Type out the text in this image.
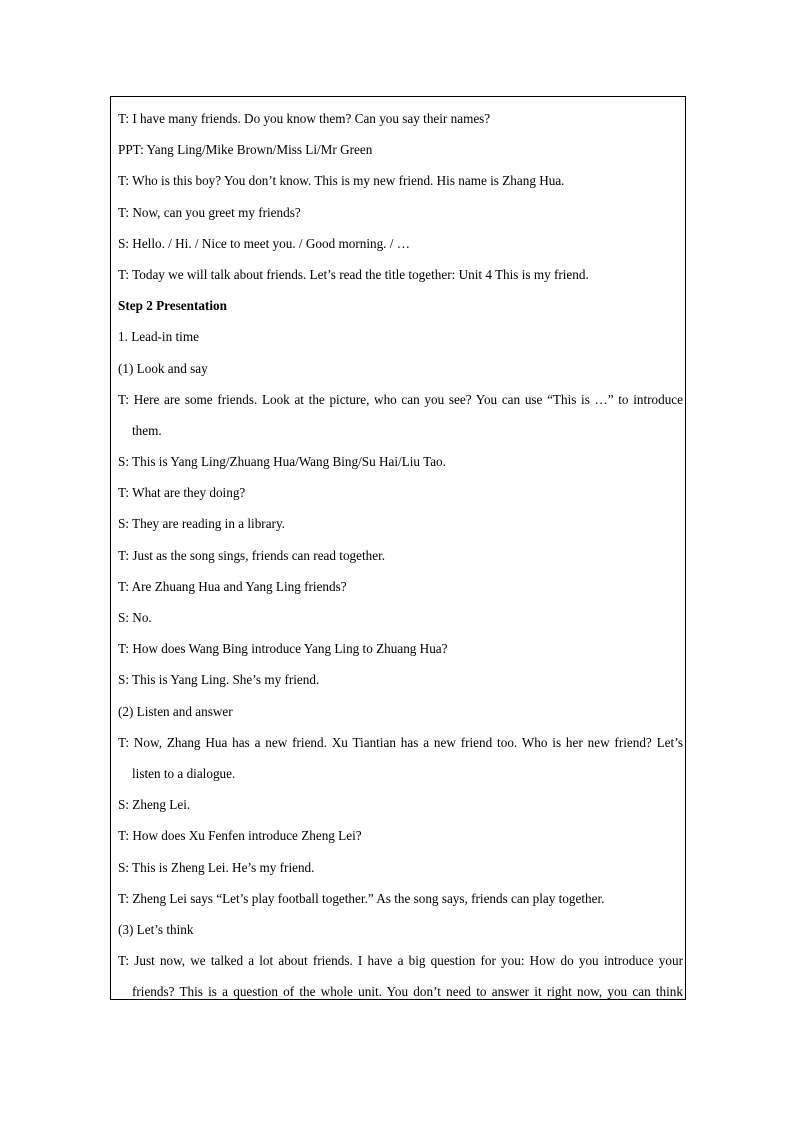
T: I have many friends. Do you know them? Can you say their names?
PPT: Yang Ling/Mike Brown/Miss Li/Mr Green
T: Who is this boy? You don’t know. This is my new friend. His name is Zhang Hua.
T: Now, can you greet my friends?
S: Hello. / Hi. / Nice to meet you. / Good morning. / …
T: Today we will talk about friends. Let’s read the title together: Unit 4 This is my friend.
Step 2 Presentation
1. Lead-in time
(1) Look and say
T: Here are some friends. Look at the picture, who can you see? You can use “This is …” to introduce
them.
S: This is Yang Ling/Zhuang Hua/Wang Bing/Su Hai/Liu Tao.
T: What are they doing?
S: They are reading in a library.
T: Just as the song sings, friends can read together.
T: Are Zhuang Hua and Yang Ling friends?
S: No.
T: How does Wang Bing introduce Yang Ling to Zhuang Hua?
S: This is Yang Ling. She’s my friend.
(2) Listen and answer
T: Now, Zhang Hua has a new friend. Xu Tiantian has a new friend too. Who is her new friend? Let’s
listen to a dialogue.
S: Zheng Lei.
T: How does Xu Fenfen introduce Zheng Lei?
S: This is Zheng Lei. He’s my friend.
T: Zheng Lei says “Let’s play football together.” As the song says, friends can play together.
(3) Let’s think
T: Just now, we talked a lot about friends. I have a big question for you: How do you introduce your
friends? This is a question of the whole unit. You don’t need to answer it right now, you can think
